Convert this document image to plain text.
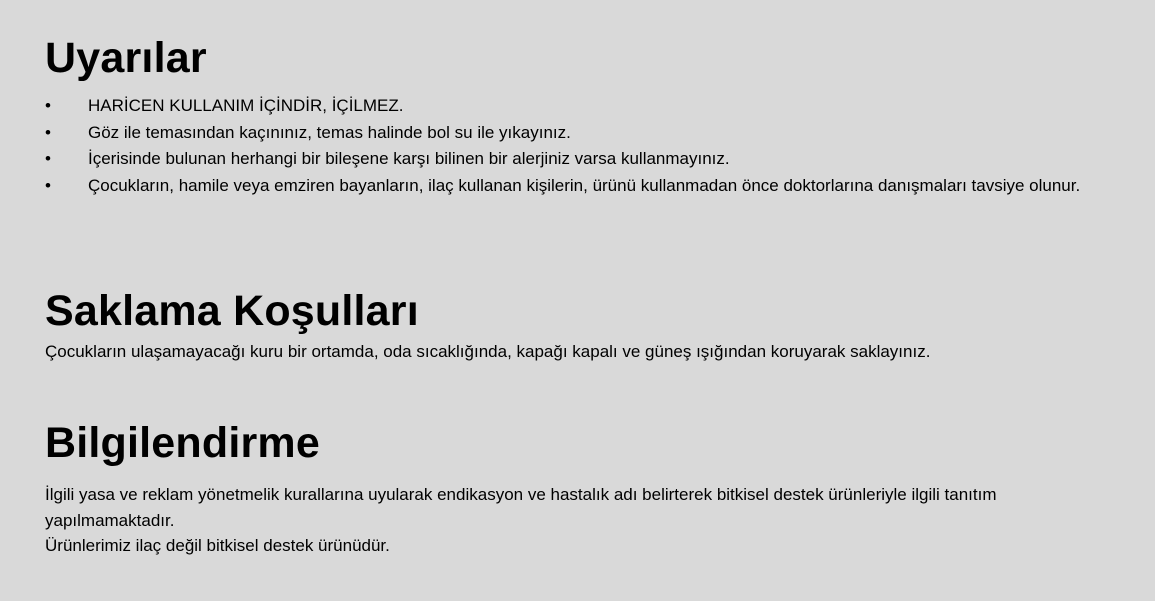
Uyarılar
• HARİCEN KULLANIM İÇİNDİR, İÇİLMEZ.
• Göz ile temasından kaçınınız, temas halinde bol su ile yıkayınız.
• İçerisinde bulunan herhangi bir bileşene karşı bilinen bir alerjiniz varsa kullanmayınız.
• Çocukların, hamile veya emziren bayanların, ilaç kullanan kişilerin, ürünü kullanmadan önce doktorlarına danışmaları tavsiye olunur.
Saklama Koşulları

Çocukların ulaşamayacağı kuru bir ortamda, oda sıcaklığında, kapağı kapalı ve güneş ışığından koruyarak saklayınız.

Bilgilendirme

İlgili yasa ve reklam yönetmelik kurallarına uyularak endikasyon ve hastalık adı belirterek bitkisel destek ürünleriyle ilgili tanıtım yapılmamaktadır.

Ürünlerimiz ilaç değil bitkisel destek ürünüdür.
